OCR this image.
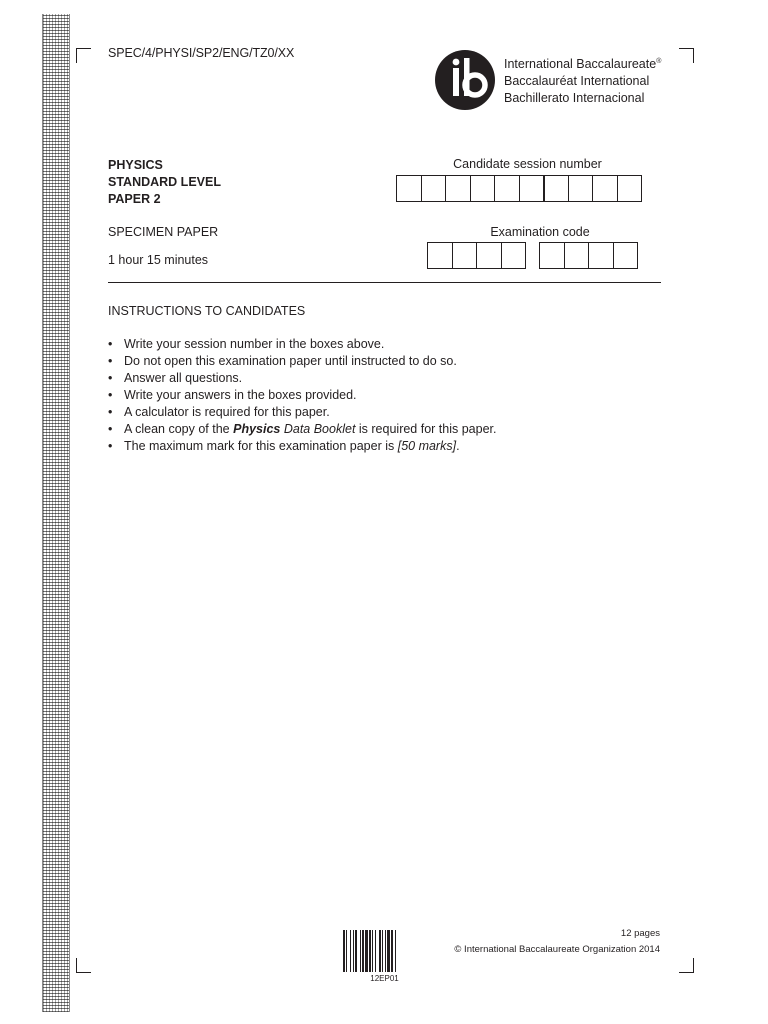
SPEC/4/PHYSI/SP2/ENG/TZ0/XX
International Baccalaureate®
Baccalauréat International
Bachillerato Internacional
PHYSICS
STANDARD LEVEL
PAPER 2
SPECIMEN PAPER
1 hour 15 minutes
Candidate session number
Examination code
INSTRUCTIONS TO CANDIDATES
• Write your session number in the boxes above.
• Do not open this examination paper until instructed to do so.
• Answer all questions.
• Write your answers in the boxes provided.
• A calculator is required for this paper.
• A clean copy of the Physics Data Booklet is required for this paper.
• The maximum mark for this examination paper is [50 marks].
12 pages
© International Baccalaureate Organization 2014
12EP01
